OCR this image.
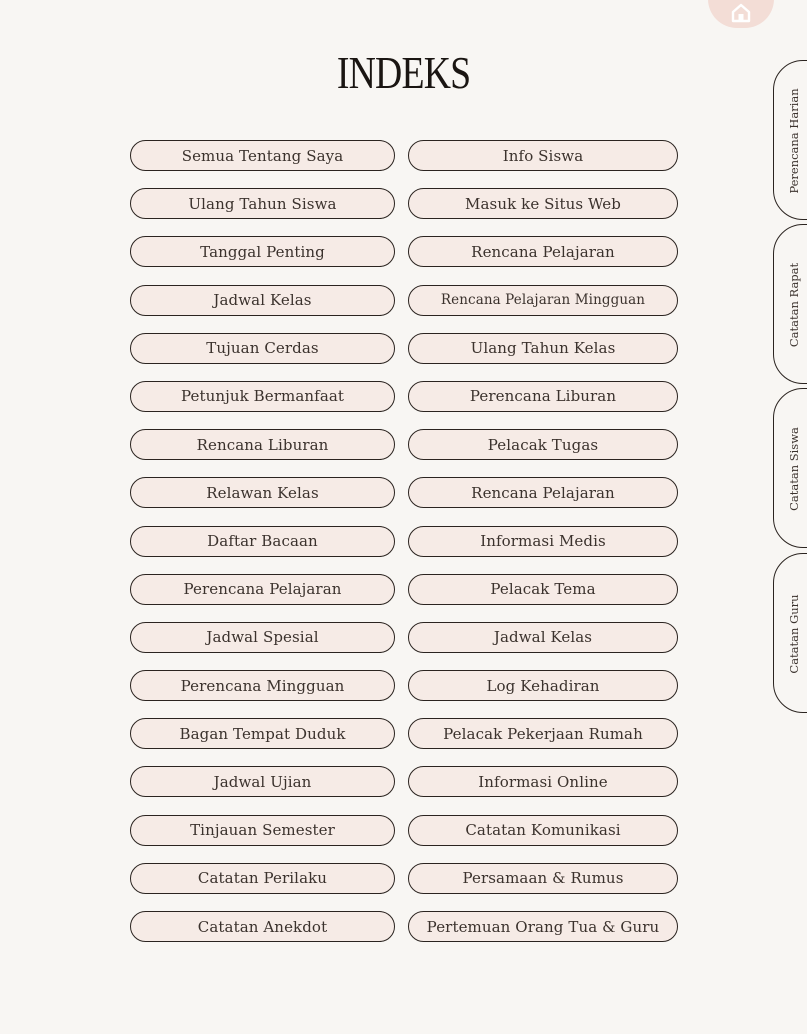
INDEKS
Semua Tentang Saya
Ulang Tahun Siswa
Tanggal Penting
Jadwal Kelas
Tujuan Cerdas
Petunjuk Bermanfaat
Rencana Liburan
Relawan Kelas
Daftar Bacaan
Perencana Pelajaran
Jadwal Spesial
Perencana Mingguan
Bagan Tempat Duduk
Jadwal Ujian
Tinjauan Semester
Catatan Perilaku
Catatan Anekdot
Info Siswa
Masuk ke Situs Web
Rencana Pelajaran
Rencana Pelajaran Mingguan
Ulang Tahun Kelas
Perencana Liburan
Pelacak Tugas
Rencana Pelajaran
Informasi Medis
Pelacak Tema
Jadwal Kelas
Log Kehadiran
Pelacak Pekerjaan Rumah
Informasi Online
Catatan Komunikasi
Persamaan & Rumus
Pertemuan Orang Tua & Guru
Perencana Harian
Catatan Rapat
Catatan Siswa
Catatan Guru
